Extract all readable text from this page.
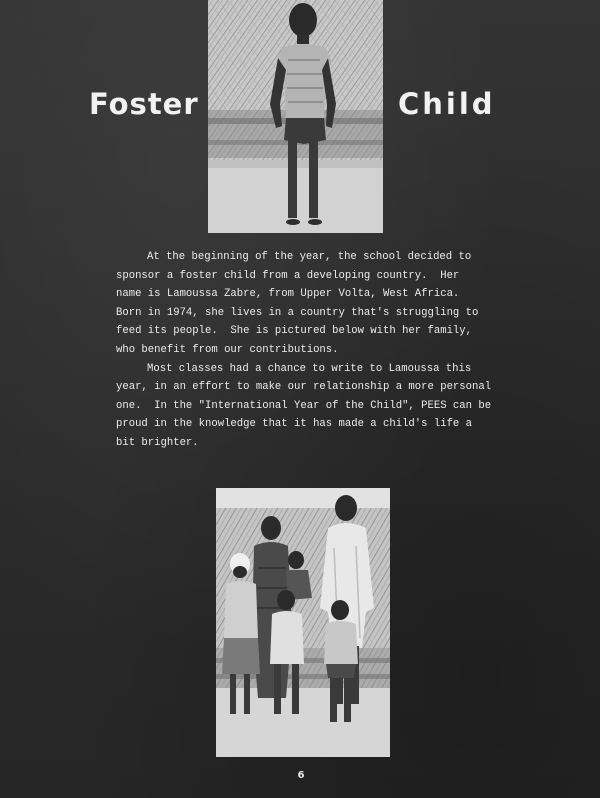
Foster	Child
At the beginning of the year, the school decided to
sponsor a foster child from a developing country.  Her
name is Lamoussa Zabre, from Upper Volta, West Africa.
Born in 1974, she lives in a country that's struggling to
feed its people.  She is pictured below with her family,
who benefit from our contributions.
Most classes had a chance to write to Lamoussa this
year, in an effort to make our relationship a more personal
one.  In the "International Year of the Child", PEES can be
proud in the knowledge that it has made a child's life a
bit brighter.
6
